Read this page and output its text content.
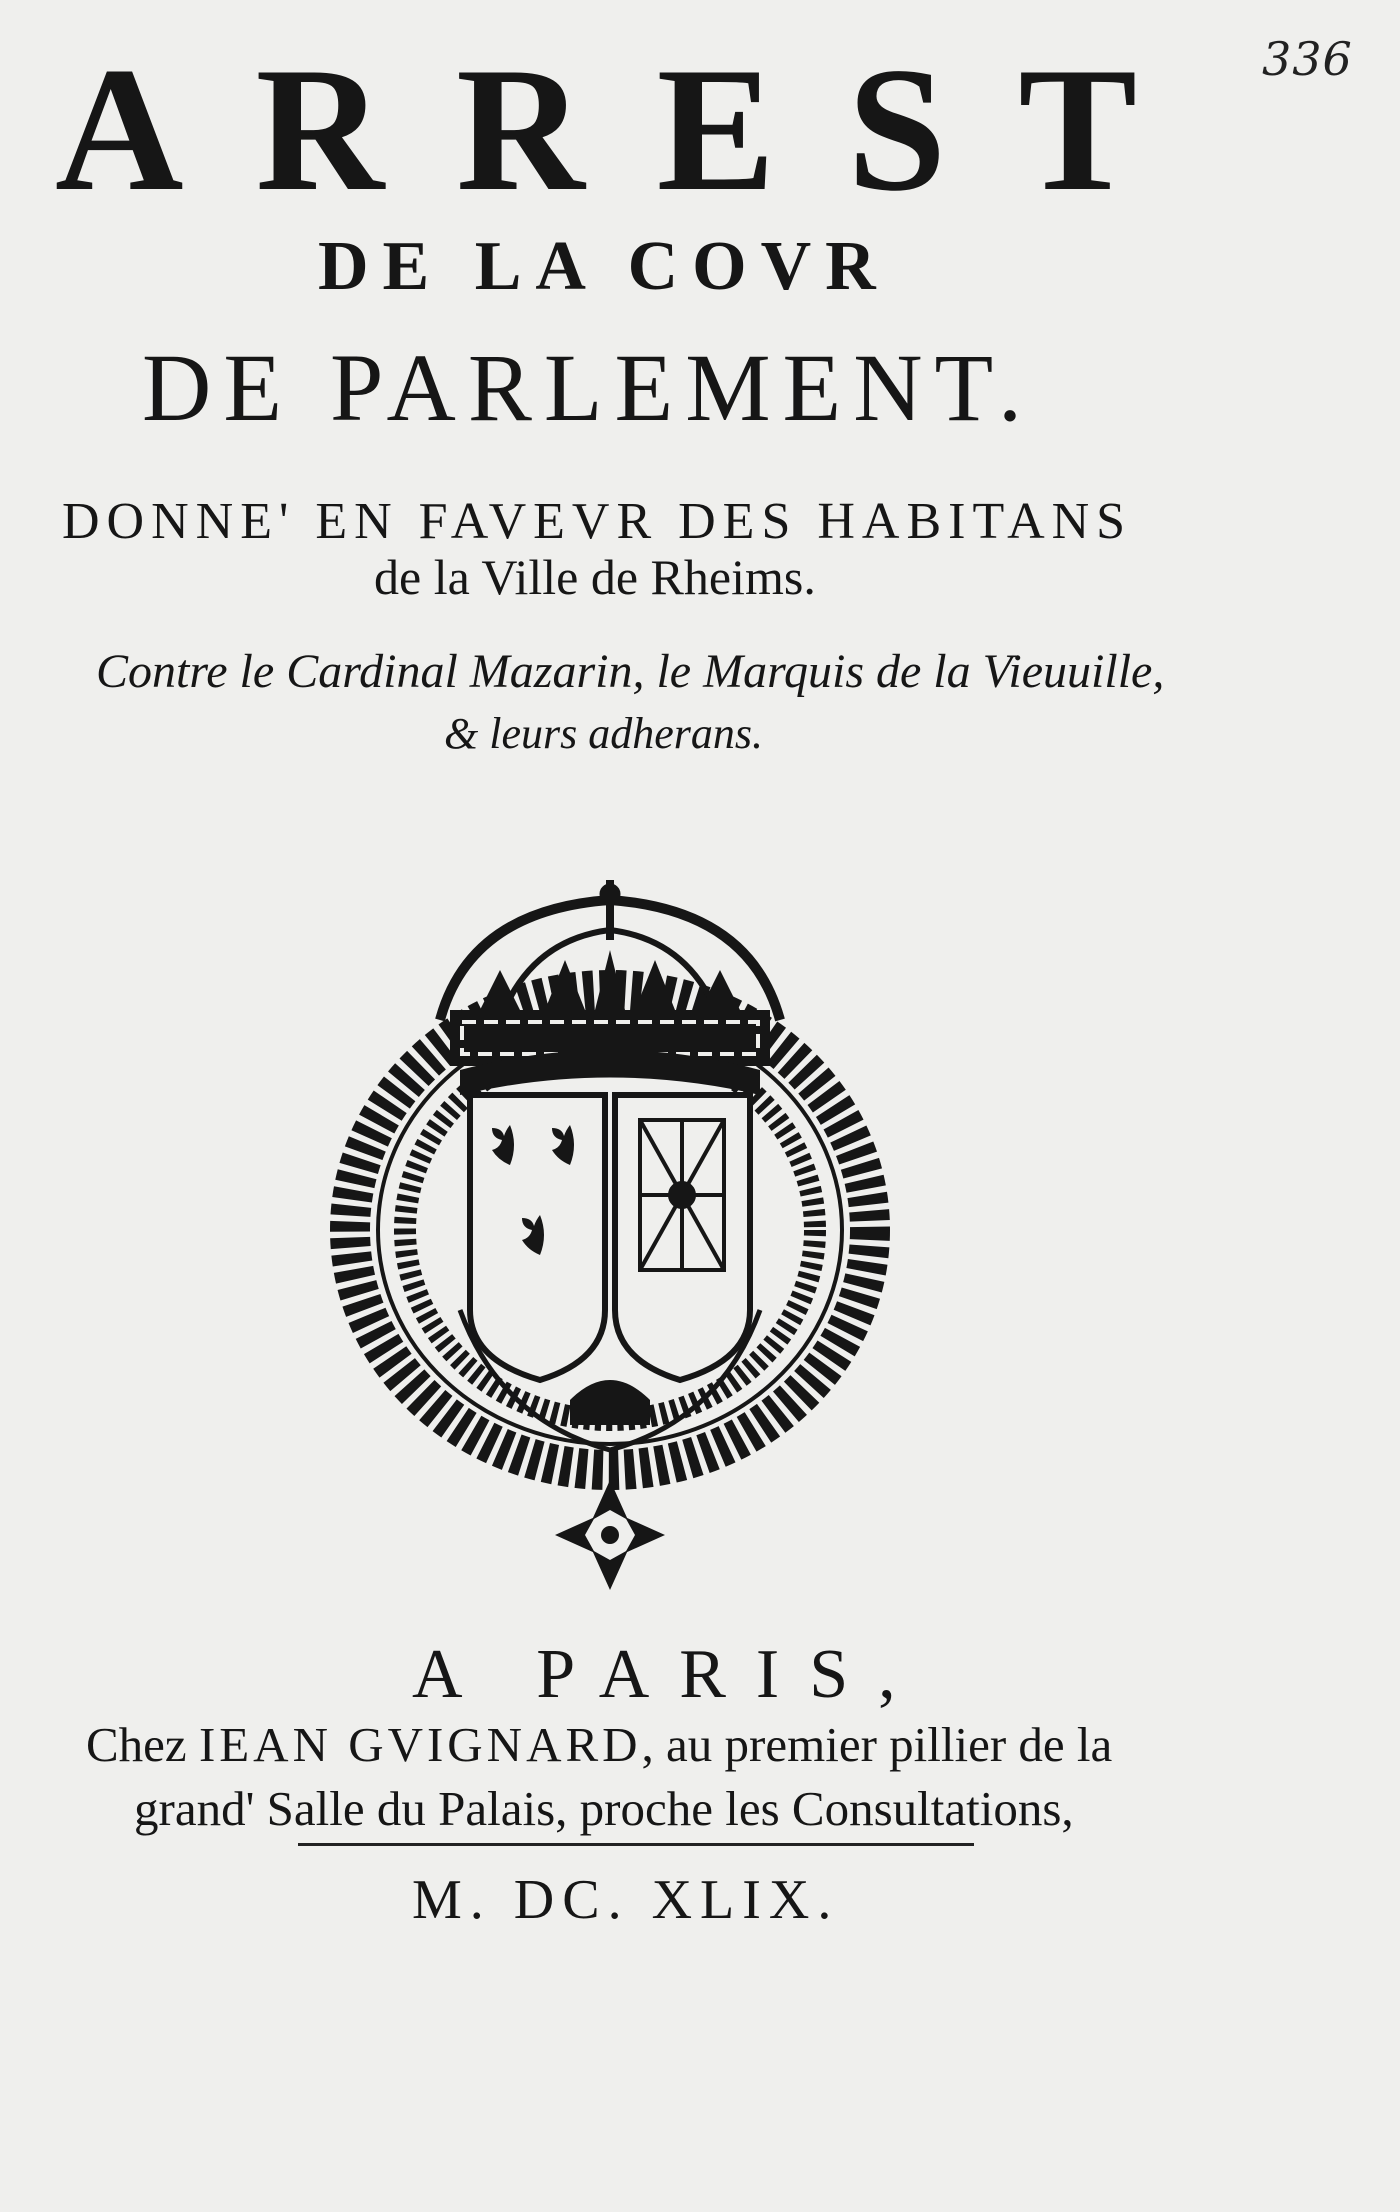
336
ARREST
DE LA COVR
DE PARLEMENT.
DONNE' EN FAVEVR DES HABITANS
de la Ville de Rheims.
Contre le Cardinal Mazarin, le Marquis de la Vieuuille,
& leurs adherans.
A PARIS,
Chez IEAN GVIGNARD, au premier pillier de la
grand' Salle du Palais, proche les Consultations,
M. DC. XLIX.
